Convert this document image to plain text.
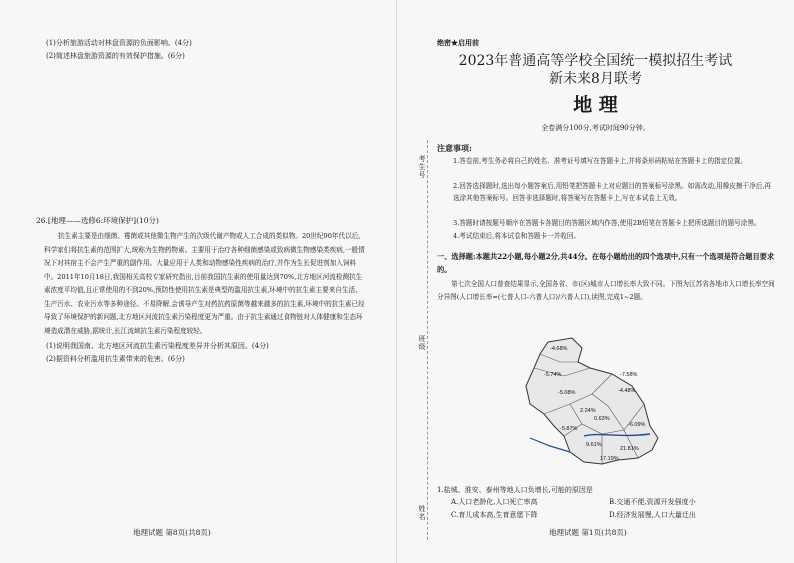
(1)分析旅游活动对林盘资源的负面影响。(4分)
(2)简述林盘旅游资源的有效保护措施。(6分)
26.[地理——选修6:环境保护](10分)
抗生素主要是由细菌、霉菌或其他微生物产生的次级代谢产物或人工合成的类似物。20世纪90年代以后,科学家们将抗生素的范围扩大,统称为生物药物素。主要用于治疗各种细菌感染或致病微生物感染类疾病,一般情况下对其宿主不会产生严重的副作用。大量应用于人类和动物感染性疾病的治疗,并作为生长促进剂加入饲料中。2011年10月18日,我国相关高校专家研究指出,目前我国抗生素的使用量达到70%,北方地区河流检测抗生素浓度平均值,且正常使用的不到20%,预防性使用抗生素是典型的滥用抗生素,环境中的抗生素主要来自生活、生产污水、农业污水等多种途径。不易降解,会诱导产生对药抗药原菌等越来越多的抗生素,环境中的抗生素已经导致了环境保护的新问题,北方地区河流抗生素污染程度更为严重。由于抗生素通过食物链对人体健康和生态环境造成潜在威胁,据统计,长江流域抗生素污染程度较轻。
(1)说明我国南、北方地区河流抗生素污染程度差异并分析其原因。(4分)
(2)据资料分析滥用抗生素带来的危害。(6分)
地理试题 第8页(共8页)
考生号
班级
姓名
绝密★启用前
2023年普通高等学校全国统一模拟招生考试
新未来8月联考
地 理
全卷满分100分,考试时间90分钟。
注意事项:
1.答卷前,考生务必将自己的姓名、准考证号填写在答题卡上,并将条形码粘贴在答题卡上的指定位置。
2.回答选择题时,选出每小题答案后,用铅笔把答题卡上对应题目的答案标号涂黑。如需改动,用橡皮擦干净后,再选涂其他答案标号。回答非选择题时,将答案写在答题卡上,写在本试卷上无效。
3.答题时请按题号顺序在答题卡各题目的答题区域内作答,使用2B铅笔在答题卡上把所选题目的题号涂黑。
4.考试结束后,将本试卷和答题卡一并收回。
一、选择题:本题共22小题,每小题2分,共44分。在每小题给出的四个选项中,只有一个选项是符合题目要求的。
第七次全国人口普查结果显示,全国各省、市(区)城市人口增长率大致不同。下图为江苏省各地市人口增长率空间分异图(人口增长率=(七普人口-六普人口)/六普人口),读图,完成1~2题。
1.盐城、淮安、泰州等地人口负增长,可能的原因是
A.人口老龄化,人口死亡率高	B.交通不便,资源开发强度小
C.育儿成本高,生育意愿下降	D.经济发展慢,人口大量迁出
地理试题 第1页(共8页)
-4.68%
-5.74%
-5.08%
-7.58%
-4.48%
2.24%
0.63%
-6.09%
9.61%
21.81%
17.19%
-5.87%
